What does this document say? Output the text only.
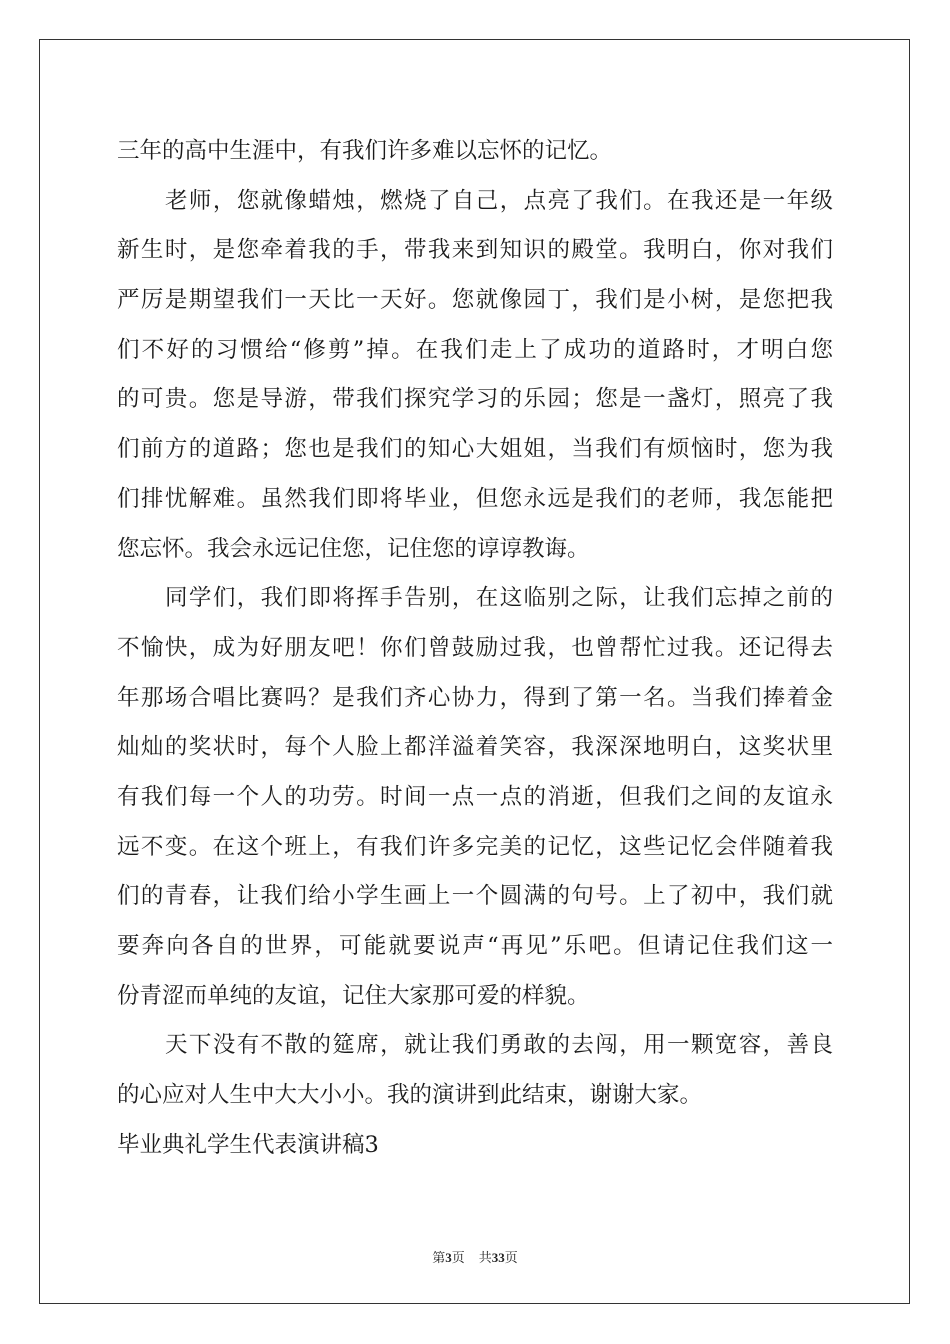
三年的高中生涯中，有我们许多难以忘怀的记忆。
老师，您就像蜡烛，燃烧了自己，点亮了我们。在我还是一年级
新生时，是您牵着我的手，带我来到知识的殿堂。我明白，你对我们
严厉是期望我们一天比一天好。您就像园丁，我们是小树，是您把我
们不好的习惯给“修剪”掉。在我们走上了成功的道路时，才明白您
的可贵。您是导游，带我们探究学习的乐园；您是一盏灯，照亮了我
们前方的道路；您也是我们的知心大姐姐，当我们有烦恼时，您为我
们排忧解难。虽然我们即将毕业，但您永远是我们的老师，我怎能把
您忘怀。我会永远记住您，记住您的谆谆教诲。
同学们，我们即将挥手告别，在这临别之际，让我们忘掉之前的
不愉快，成为好朋友吧！你们曾鼓励过我，也曾帮忙过我。还记得去
年那场合唱比赛吗？是我们齐心协力，得到了第一名。当我们捧着金
灿灿的奖状时，每个人脸上都洋溢着笑容，我深深地明白，这奖状里
有我们每一个人的功劳。时间一点一点的消逝，但我们之间的友谊永
远不变。在这个班上，有我们许多完美的记忆，这些记忆会伴随着我
们的青春，让我们给小学生画上一个圆满的句号。上了初中，我们就
要奔向各自的世界，可能就要说声“再见”乐吧。但请记住我们这一
份青涩而单纯的友谊，记住大家那可爱的样貌。
天下没有不散的筵席，就让我们勇敢的去闯，用一颗宽容，善良
的心应对人生中大大小小。我的演讲到此结束，谢谢大家。
毕业典礼学生代表演讲稿3
第3页 共33页
